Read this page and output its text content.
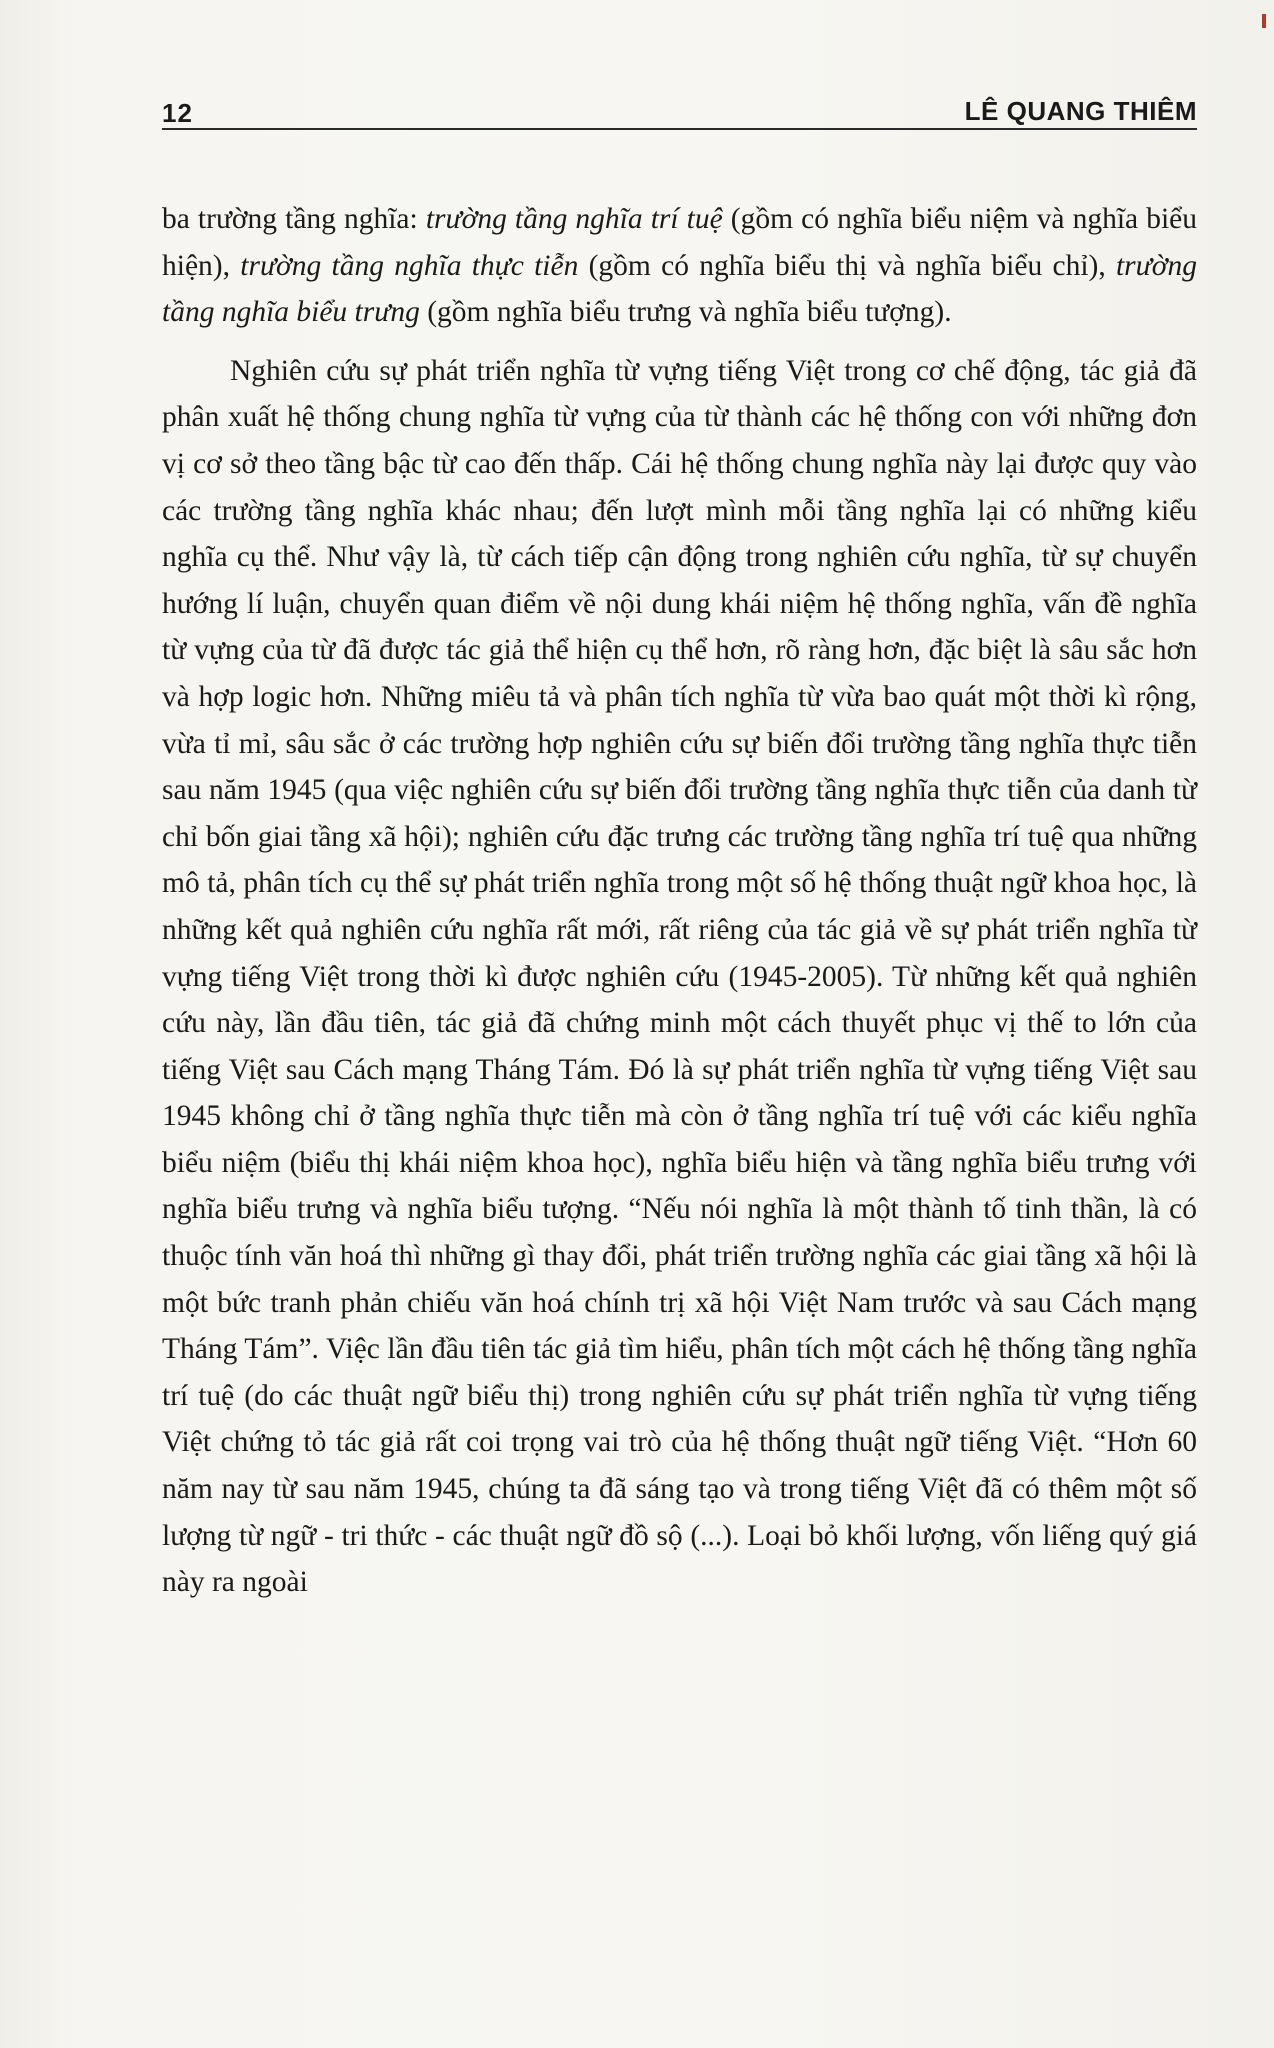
12	LÊ QUANG THIÊM

ba trường tầng nghĩa: trường tầng nghĩa trí tuệ (gồm có nghĩa biểu niệm và nghĩa biểu hiện), trường tầng nghĩa thực tiễn (gồm có nghĩa biểu thị và nghĩa biểu chỉ), trường tầng nghĩa biểu trưng (gồm nghĩa biểu trưng và nghĩa biểu tượng).

Nghiên cứu sự phát triển nghĩa từ vựng tiếng Việt trong cơ chế động, tác giả đã phân xuất hệ thống chung nghĩa từ vựng của từ thành các hệ thống con với những đơn vị cơ sở theo tầng bậc từ cao đến thấp. Cái hệ thống chung nghĩa này lại được quy vào các trường tầng nghĩa khác nhau; đến lượt mình mỗi tầng nghĩa lại có những kiểu nghĩa cụ thể. Như vậy là, từ cách tiếp cận động trong nghiên cứu nghĩa, từ sự chuyển hướng lí luận, chuyển quan điểm về nội dung khái niệm hệ thống nghĩa, vấn đề nghĩa từ vựng của từ đã được tác giả thể hiện cụ thể hơn, rõ ràng hơn, đặc biệt là sâu sắc hơn và hợp logic hơn. Những miêu tả và phân tích nghĩa từ vừa bao quát một thời kì rộng, vừa tỉ mỉ, sâu sắc ở các trường hợp nghiên cứu sự biến đổi trường tầng nghĩa thực tiễn sau năm 1945 (qua việc nghiên cứu sự biến đổi trường tầng nghĩa thực tiễn của danh từ chỉ bốn giai tầng xã hội); nghiên cứu đặc trưng các trường tầng nghĩa trí tuệ qua những mô tả, phân tích cụ thể sự phát triển nghĩa trong một số hệ thống thuật ngữ khoa học, là những kết quả nghiên cứu nghĩa rất mới, rất riêng của tác giả về sự phát triển nghĩa từ vựng tiếng Việt trong thời kì được nghiên cứu (1945-2005). Từ những kết quả nghiên cứu này, lần đầu tiên, tác giả đã chứng minh một cách thuyết phục vị thế to lớn của tiếng Việt sau Cách mạng Tháng Tám. Đó là sự phát triển nghĩa từ vựng tiếng Việt sau 1945 không chỉ ở tầng nghĩa thực tiễn mà còn ở tầng nghĩa trí tuệ với các kiểu nghĩa biểu niệm (biểu thị khái niệm khoa học), nghĩa biểu hiện và tầng nghĩa biểu trưng với nghĩa biểu trưng và nghĩa biểu tượng. “Nếu nói nghĩa là một thành tố tinh thần, là có thuộc tính văn hoá thì những gì thay đổi, phát triển trường nghĩa các giai tầng xã hội là một bức tranh phản chiếu văn hoá chính trị xã hội Việt Nam trước và sau Cách mạng Tháng Tám”. Việc lần đầu tiên tác giả tìm hiểu, phân tích một cách hệ thống tầng nghĩa trí tuệ (do các thuật ngữ biểu thị) trong nghiên cứu sự phát triển nghĩa từ vựng tiếng Việt chứng tỏ tác giả rất coi trọng vai trò của hệ thống thuật ngữ tiếng Việt. “Hơn 60 năm nay từ sau năm 1945, chúng ta đã sáng tạo và trong tiếng Việt đã có thêm một số lượng từ ngữ - tri thức - các thuật ngữ đồ sộ (...). Loại bỏ khối lượng, vốn liếng quý giá này ra ngoài
